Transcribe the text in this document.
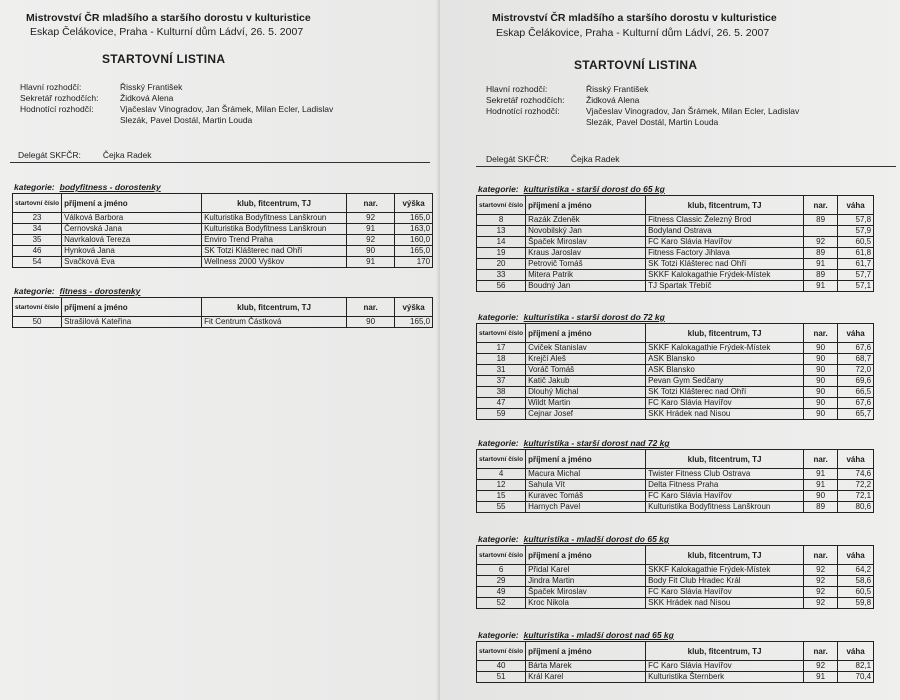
Mistrovství ČR mladšího a staršího dorostu v kulturistice
Eskap Čelákovice, Praha - Kulturní dům Ládví, 26. 5. 2007
STARTOVNÍ LISTINA
Hlavní rozhodčí:	Řisský František
Sekretář rozhodčích:	Židková Alena
Hodnotící rozhodčí:	Vjačeslav Vinogradov, Jan Šrámek, Milan Ecler, Ladislav Slezák, Pavel Dostál, Martin Louda
Delegát SKFČR:	Čejka Radek
kategorie: bodyfitness - dorostenky
startovní číslo	příjmení a jméno	klub, fitcentrum, TJ	nar.	výška
23	Válková Barbora	Kulturistika Bodyfitness Lanškroun	92	165,0
34	Černovská Jana	Kulturistika Bodyfitness Lanškroun	91	163,0
35	Navrkalová Tereza	Enviro Trend Praha	92	160,0
46	Hynková Jana	SK Totzi Klášterec nad Ohří	90	165,0
54	Svačková Eva	Wellness 2000 Vyškov	91	170
kategorie: fitness - dorostenky
startovní číslo	příjmení a jméno	klub, fitcentrum, TJ	nar.	výška
50	Strašilová Kateřina	Fit Centrum Částková	90	165,0
Mistrovství ČR mladšího a staršího dorostu v kulturistice
Eskap Čelákovice, Praha - Kulturní dům Ládví, 26. 5. 2007
STARTOVNÍ LISTINA
Hlavní rozhodčí:	Řisský František
Sekretář rozhodčích:	Židková Alena
Hodnotící rozhodčí:	Vjačeslav Vinogradov, Jan Šrámek, Milan Ecler, Ladislav Slezák, Pavel Dostál, Martin Louda
Delegát SKFČR:	Čejka Radek
kategorie: kulturistika - starší dorost do 65 kg
startovní číslo	příjmení a jméno	klub, fitcentrum, TJ	nar.	váha
8	Razák Zdeněk	Fitness Classic Železný Brod	89	57,8
13	Novobilský Jan	Bodyland Ostrava		57,9
14	Špaček Miroslav	FC Karo Slávia Havířov	92	60,5
19	Kraus Jaroslav	Fitness Factory Jihlava	89	61,8
20	Petrovič Tomáš	SK Totzi Klášterec nad Ohří	91	61,7
33	Mitera Patrik	SKKF Kalokagathie Frýdek-Místek	89	57,7
56	Boudný Jan	TJ Spartak Třebíč	91	57,1
kategorie: kulturistika - starší dorost do 72 kg
startovní číslo	příjmení a jméno	klub, fitcentrum, TJ	nar.	váha
17	Cviček Stanislav	SKKF Kalokagathie Frýdek-Místek	90	67,6
18	Krejčí Aleš	ASK Blansko	90	68,7
31	Voráč Tomáš	ASK Blansko	90	72,0
37	Katič Jakub	Pevan Gym Sedčany	90	69,6
38	Dlouhý Michal	SK Totzi Klášterec nad Ohří	90	66,5
47	Wildt Martin	FC Karo Slávia Havířov	90	67,6
59	Cejnar Josef	SKK Hrádek nad Nisou	90	65,7
kategorie: kulturistika - starší dorost nad 72 kg
startovní číslo	příjmení a jméno	klub, fitcentrum, TJ	nar.	váha
4	Macura Michal	Twister Fitness Club Ostrava	91	74,6
12	Sahula Vít	Delta Fitness Praha	91	72,2
15	Kuravec Tomáš	FC Karo Slávia Havířov	90	72,1
55	Harnych Pavel	Kulturistika Bodyfitness Lanškroun	89	80,6
kategorie: kulturistika - mladší dorost do 65 kg
startovní číslo	příjmení a jméno	klub, fitcentrum, TJ	nar.	váha
6	Přidal Karel	SKKF Kalokagathie Frýdek-Místek	92	64,2
29	Jindra Martin	Body Fit Club Hradec Král	92	58,6
49	Špaček Miroslav	FC Karo Slávia Havířov	92	60,5
52	Kroc Nikola	SKK Hrádek nad Nisou	92	59,8
kategorie: kulturistika - mladší dorost nad 65 kg
startovní číslo	příjmení a jméno	klub, fitcentrum, TJ	nar.	váha
40	Bárta Marek	FC Karo Slávia Havířov	92	82,1
51	Král Karel	Kulturistika Šternberk	91	70,4
